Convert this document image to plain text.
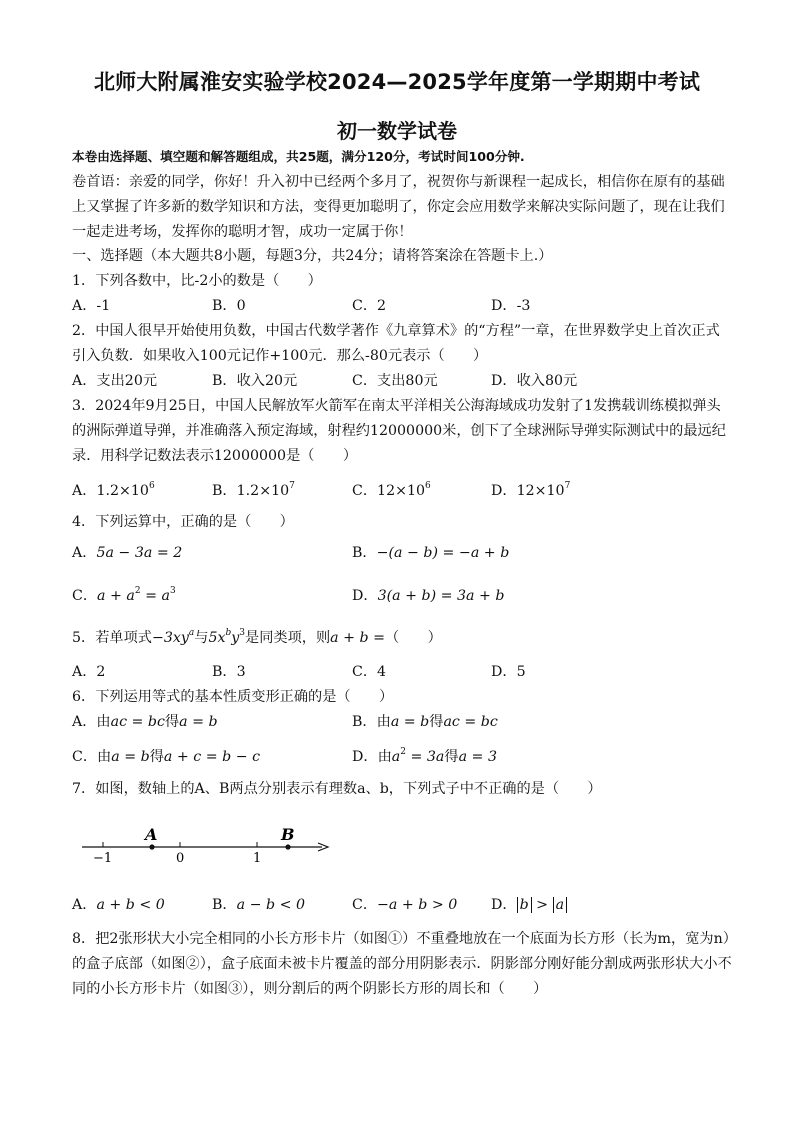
北师大附属淮安实验学校2024—2025学年度第一学期期中考试
初一数学试卷
本卷由选择题、填空题和解答题组成，共25题，满分120分，考试时间100分钟.
卷首语：亲爱的同学，你好！升入初中已经两个多月了，祝贺你与新课程一起成长，相信你在原有的基础
上又掌握了许多新的数学知识和方法，变得更加聪明了，你定会应用数学来解决实际问题了，现在让我们
一起走进考场，发挥你的聪明才智，成功一定属于你！
一、选择题（本大题共8小题，每题3分，共24分；请将答案涂在答题卡上.）
1．下列各数中，比-2小的数是（　　）
A．-1	B．0	C．2	D．-3
2．中国人很早开始使用负数，中国古代数学著作《九章算术》的“方程”一章，在世界数学史上首次正式
引入负数．如果收入100元记作+100元．那么-80元表示（　　）
A．支出20元	B．收入20元	C．支出80元	D．收入80元
3．2024年9月25日，中国人民解放军火箭军在南太平洋相关公海海域成功发射了1发携载训练模拟弹头
的洲际弹道导弹，并准确落入预定海域，射程约12000000米，创下了全球洲际导弹实际测试中的最远纪
录．用科学记数法表示12000000是（　　）
A．$1.2\times 10^6$	B．$1.2\times 10^7$	C．$12\times 10^6$	D．$12\times 10^7$
4．下列运算中，正确的是（　　）
A．5a − 3a = 2	B．−(a − b) = −a + b
C．$a + a^2 = a^3$	D．3(a + b) = 3a + b
5．若单项式$-3xy^a$与$5x^by^3$是同类项，则a + b =（　　）
A．2	B．3	C．4	D．5
6．下列运用等式的基本性质变形正确的是（　　）
A．由ac = bc得a = b	B．由a = b得ac = bc
C．由a = b得a + c = b − c	D．由$a^2 = 3a$得a = 3
7．如图，数轴上的A、B两点分别表示有理数a、b，下列式子中不正确的是（　　）
A	B
−1	0	1
A．a + b < 0	B．a − b < 0	C．−a + b > 0 D． b > a
8．把2张形状大小完全相同的小长方形卡片（如图①）不重叠地放在一个底面为长方形（长为m，宽为n）
的盒子底部（如图②），盒子底面未被卡片覆盖的部分用阴影表示．阴影部分刚好能分割成两张形状大小不
同的小长方形卡片（如图③），则分割后的两个阴影长方形的周长和（　　）
